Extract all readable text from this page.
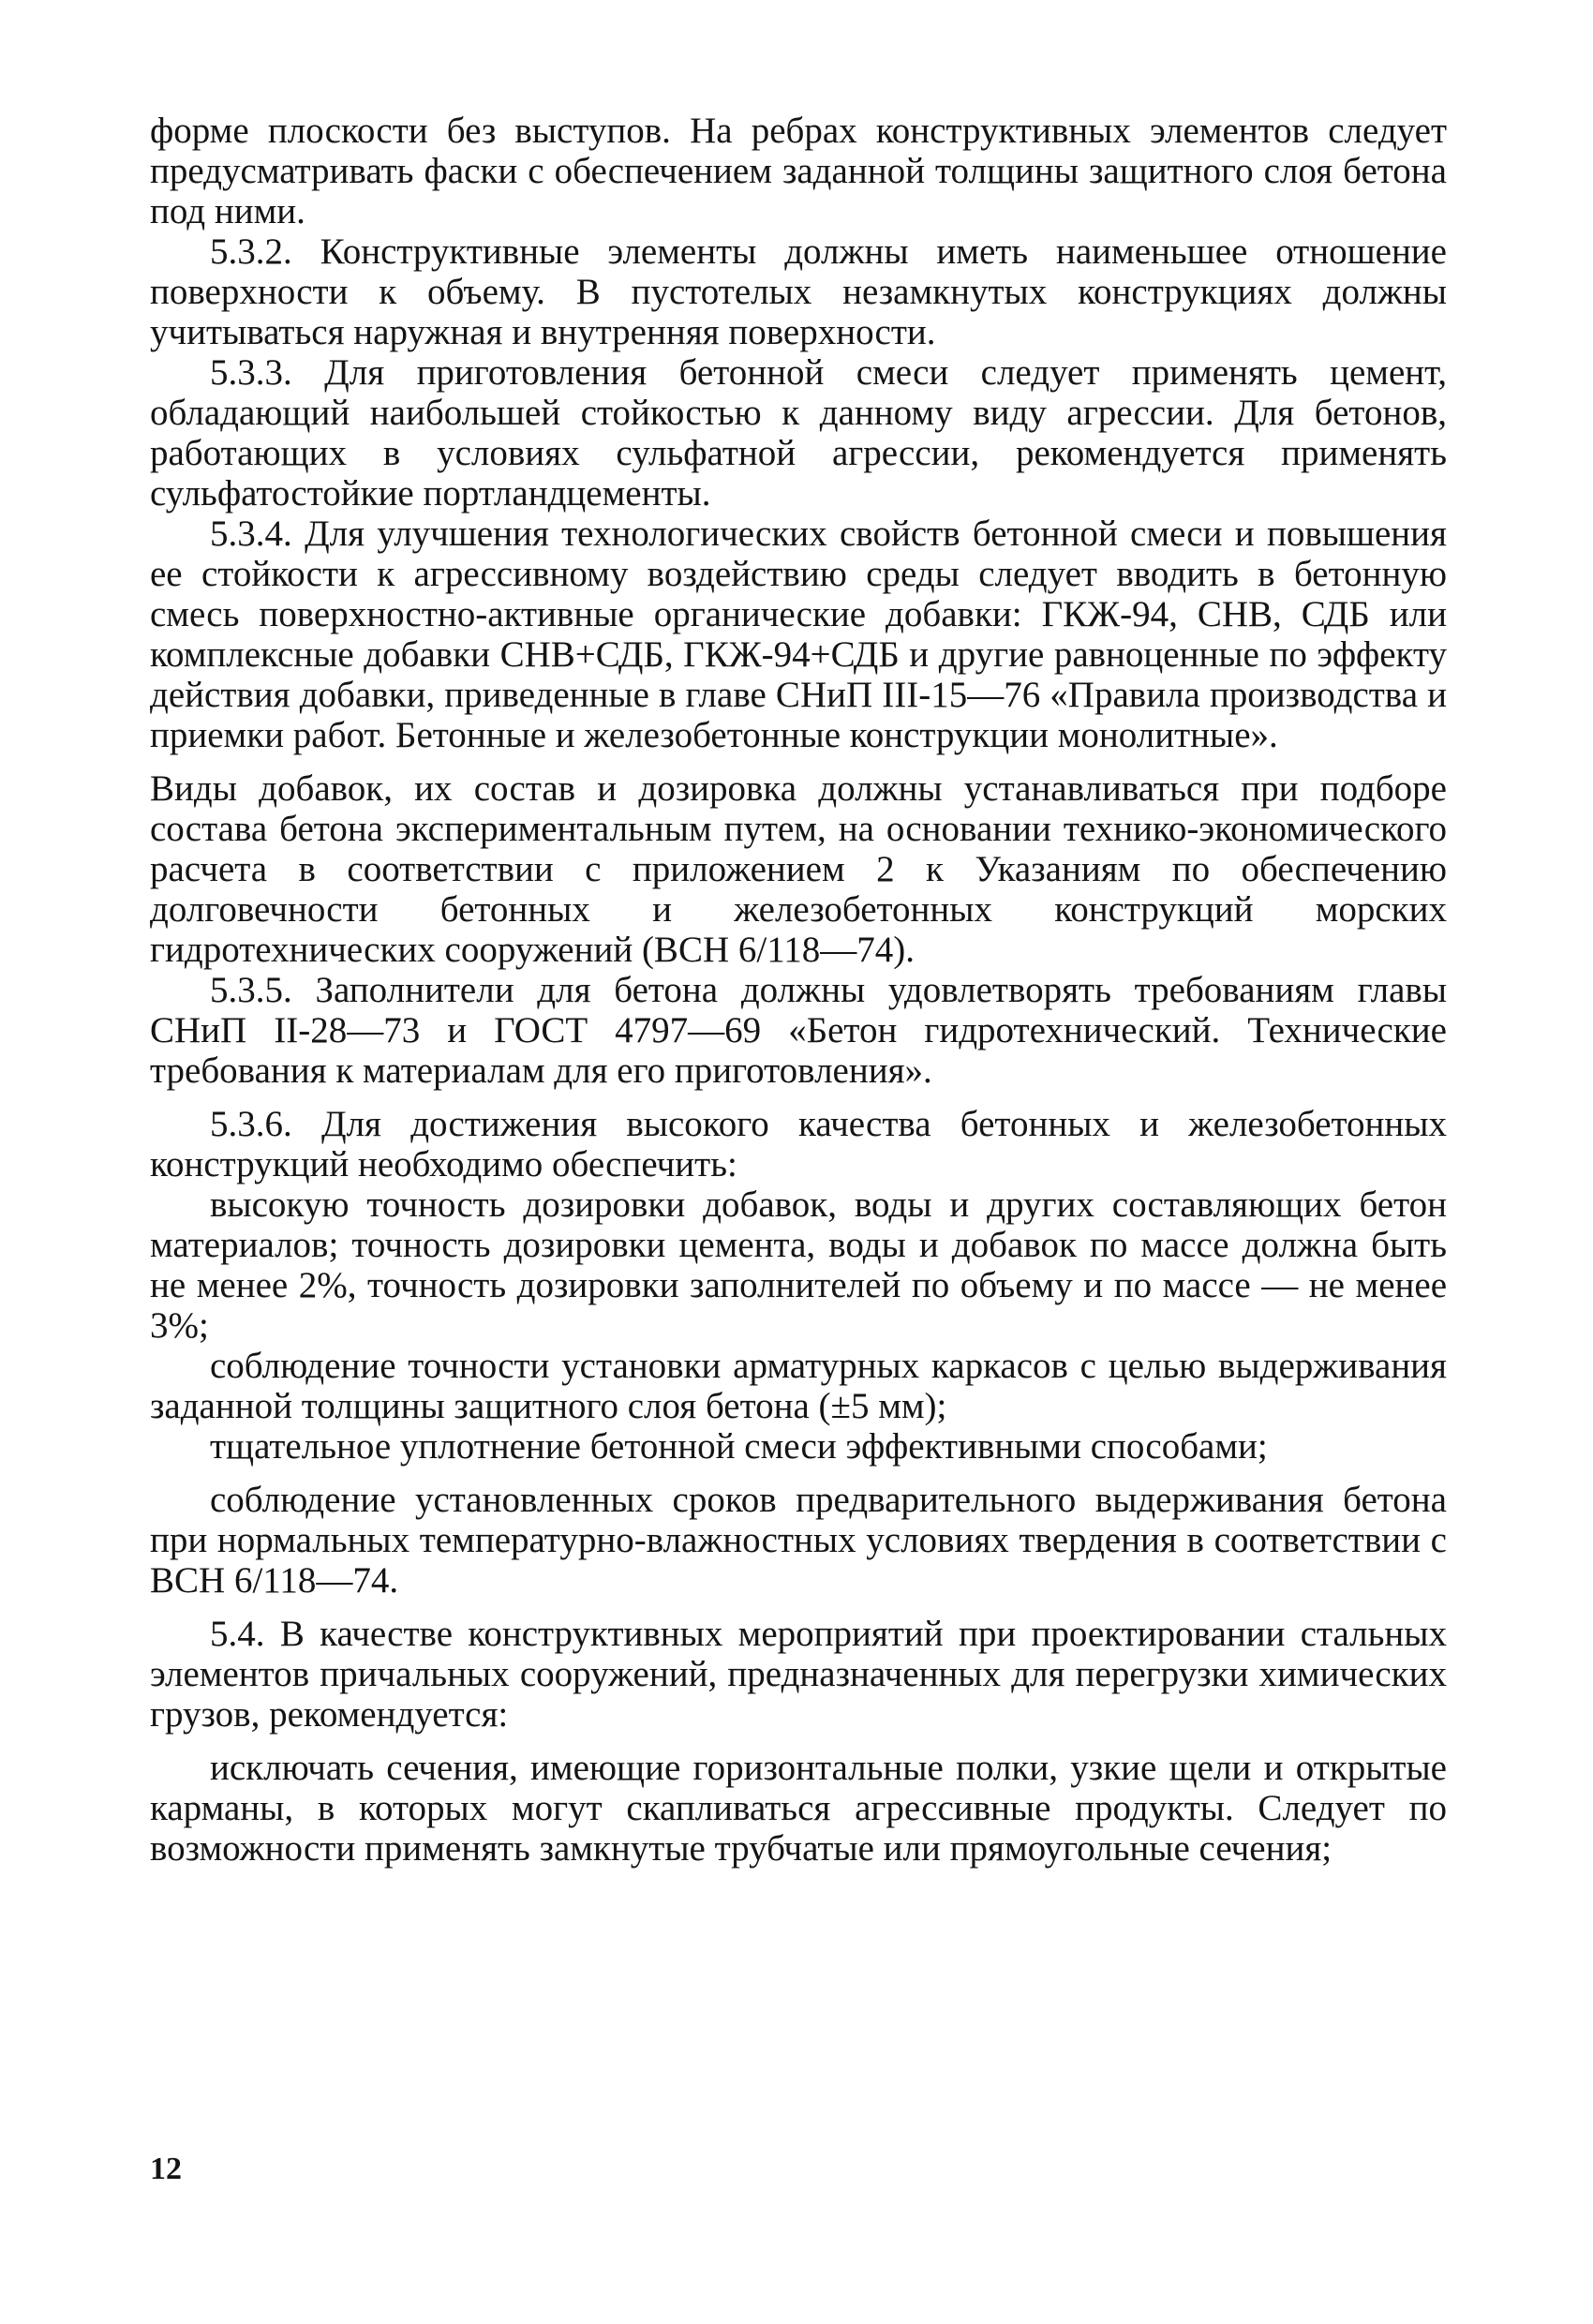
форме плоскости без выступов. На ребрах конструктивных элементов следует предусматривать фаски с обеспечением заданной толщины защитного слоя бетона под ними.

5.3.2. Конструктивные элементы должны иметь наименьшее отношение поверхности к объему. В пустотелых незамкнутых конструкциях должны учитываться наружная и внутренняя поверхности.

5.3.3. Для приготовления бетонной смеси следует применять цемент, обладающий наибольшей стойкостью к данному виду агрессии. Для бетонов, работающих в условиях сульфатной агрессии, рекомендуется применять сульфатостойкие портландцементы.

5.3.4. Для улучшения технологических свойств бетонной смеси и повышения ее стойкости к агрессивному воздействию среды следует вводить в бетонную смесь поверхностно-активные органические добавки: ГКЖ-94, СНВ, СДБ или комплексные добавки СНВ+СДБ, ГКЖ-94+СДБ и другие равноценные по эффекту действия добавки, приведенные в главе СНиП III-15—76 «Правила производства и приемки работ. Бетонные и железобетонные конструкции монолитные».

Виды добавок, их состав и дозировка должны устанавливаться при подборе состава бетона экспериментальным путем, на основании технико-экономического расчета в соответствии с приложением 2 к Указаниям по обеспечению долговечности бетонных и железобетонных конструкций морских гидротехнических сооружений (ВСН 6/118—74).

5.3.5. Заполнители для бетона должны удовлетворять требованиям главы СНиП II-28—73 и ГОСТ 4797—69 «Бетон гидротехнический. Технические требования к материалам для его приготовления».

5.3.6. Для достижения высокого качества бетонных и железобетонных конструкций необходимо обеспечить:

высокую точность дозировки добавок, воды и других составляющих бетон материалов; точность дозировки цемента, воды и добавок по массе должна быть не менее 2%, точность дозировки заполнителей по объему и по массе — не менее 3%;

соблюдение точности установки арматурных каркасов с целью выдерживания заданной толщины защитного слоя бетона (±5 мм);

тщательное уплотнение бетонной смеси эффективными способами;

соблюдение установленных сроков предварительного выдерживания бетона при нормальных температурно-влажностных условиях твердения в соответствии с ВСН 6/118—74.

5.4. В качестве конструктивных мероприятий при проектировании стальных элементов причальных сооружений, предназначенных для перегрузки химических грузов, рекомендуется:

исключать сечения, имеющие горизонтальные полки, узкие щели и открытые карманы, в которых могут скапливаться агрессивные продукты. Следует по возможности применять замкнутые трубчатые или прямоугольные сечения;

12
